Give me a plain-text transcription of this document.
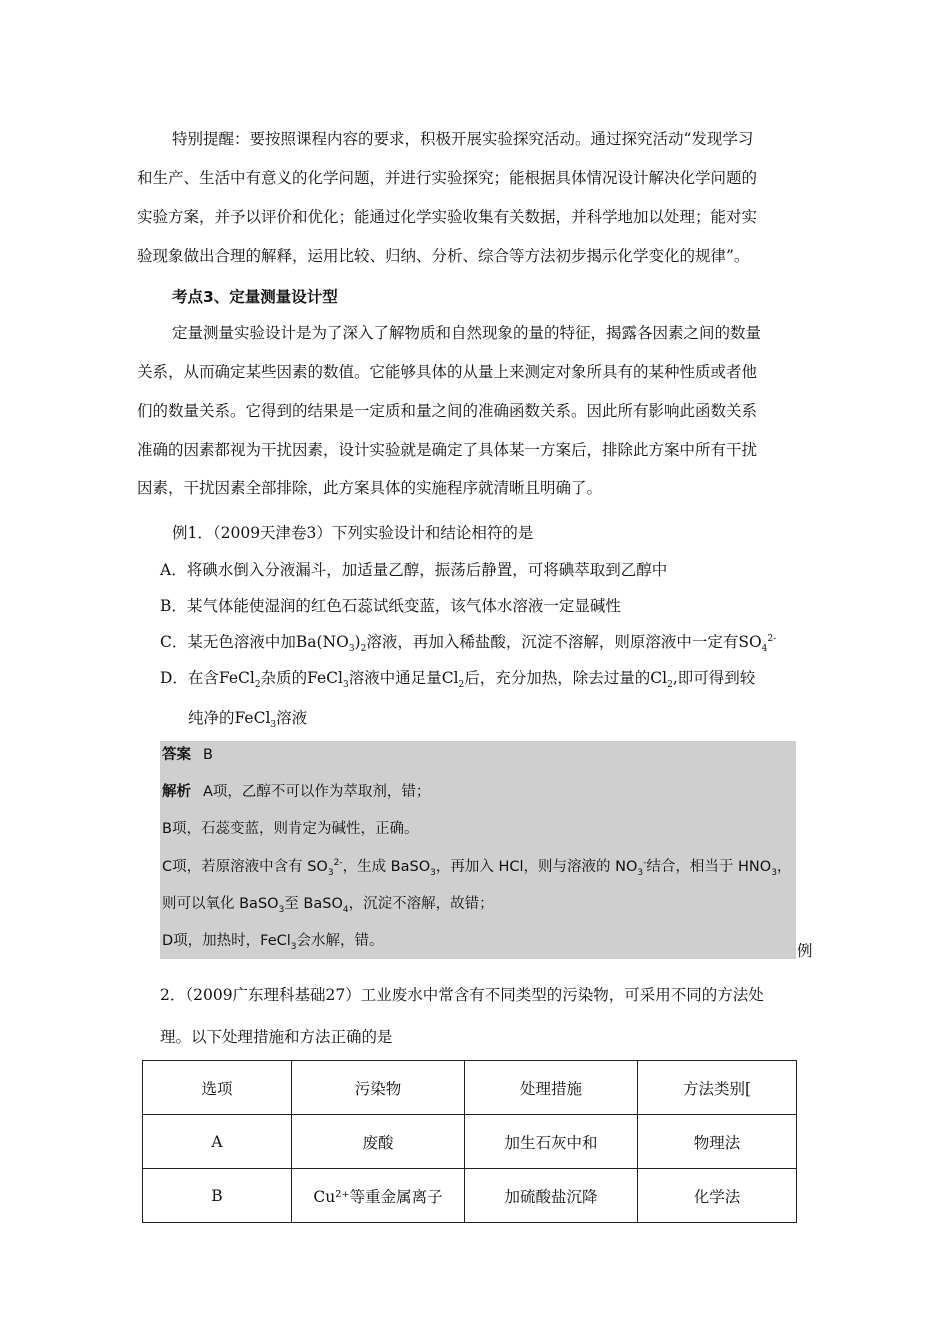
特别提醒：要按照课程内容的要求，积极开展实验探究活动。通过探究活动“发现学习
和生产、生活中有意义的化学问题，并进行实验探究；能根据具体情况设计解决化学问题的
实验方案，并予以评价和优化；能通过化学实验收集有关数据，并科学地加以处理；能对实
验现象做出合理的解释，运用比较、归纳、分析、综合等方法初步揭示化学变化的规律”。
考点3、定量测量设计型
定量测量实验设计是为了深入了解物质和自然现象的量的特征，揭露各因素之间的数量
关系，从而确定某些因素的数值。它能够具体的从量上来测定对象所具有的某种性质或者他
们的数量关系。它得到的结果是一定质和量之间的准确函数关系。因此所有影响此函数关系
准确的因素都视为干扰因素，设计实验就是确定了具体某一方案后，排除此方案中所有干扰
因素，干扰因素全部排除，此方案具体的实施程序就清晰且明确了。
例1．（2009天津卷3）下列实验设计和结论相符的是
A．将碘水倒入分液漏斗，加适量乙醇，振荡后静置，可将碘萃取到乙醇中
B．某气体能使湿润的红色石蕊试纸变蓝，该气体水溶液一定显碱性
C．某无色溶液中加$Ba(NO_3)_2$溶液，再加入稀盐酸，沉淀不溶解，则原溶液中一定有$SO_4^{2-}$
D．在含FeCl$_2$杂质的FeCl$_3$溶液中通足量$Cl_2$后，充分加热，除去过量的$Cl_2$,即可得到较
纯净的FeCl$_3$溶液
答案 B
解析 A项，乙醇不可以作为萃取剂，错；
B项，石蕊变蓝，则肯定为碱性，正确。
C项，若原溶液中含有 $SO_3^{2-}$，生成 BaSO$_3$，再加入 HCl，则与溶液的 $NO_3^-$结合，相当于 $HNO_3$，
则可以氧化 BaSO$_3$至 BaSO$_4$，沉淀不溶解，故错；
D项，加热时，FeCl$_3$会水解，错。
例
2．（2009广东理科基础27）工业废水中常含有不同类型的污染物，可采用不同的方法处
理。以下处理措施和方法正确的是
选项	污染物	处理措施	方法类别[
A	废酸	加生石灰中和	物理法
B	Cu²⁺等重金属离子	加硫酸盐沉降	化学法
